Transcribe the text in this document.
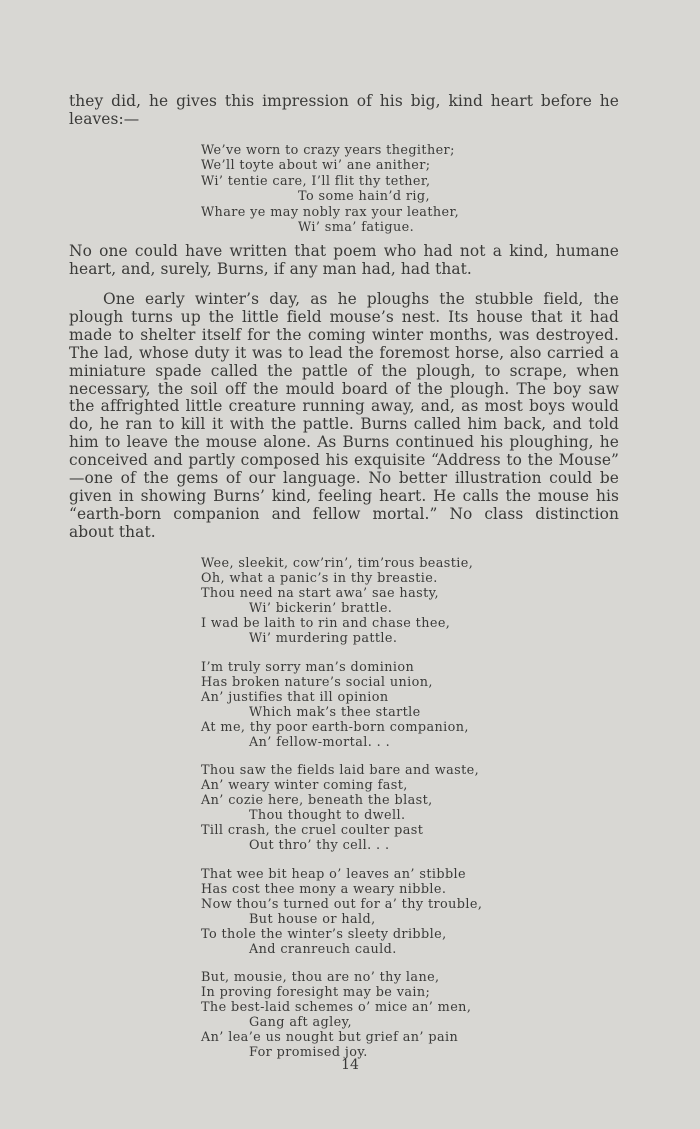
they did, he gives this impression of his big, kind heart before he leaves:—

We’ve worn to crazy years thegither;
We’ll toyte about wi’ ane anither;
Wi’ tentie care, I’ll flit thy tether,
To some hain’d rig,
Whare ye may nobly rax your leather,
Wi’ sma’ fatigue.

No one could have written that poem who had not a kind, humane heart, and, surely, Burns, if any man had, had that.

One early winter’s day, as he ploughs the stubble field, the plough turns up the little field mouse’s nest. Its house that it had made to shelter itself for the coming winter months, was destroyed. The lad, whose duty it was to lead the foremost horse, also carried a miniature spade called the pattle of the plough, to scrape, when necessary, the soil off the mould board of the plough. The boy saw the affrighted little creature running away, and, as most boys would do, he ran to kill it with the pattle. Burns called him back, and told him to leave the mouse alone. As Burns continued his ploughing, he conceived and partly composed his exquisite “Address to the Mouse” —one of the gems of our language. No better illustration could be given in showing Burns’ kind, feeling heart. He calls the mouse his “earth-born companion and fellow mortal.” No class distinction about that.

Wee, sleekit, cow’rin’, tim’rous beastie,
Oh, what a panic’s in thy breastie.
Thou need na start awa’ sae hasty,
Wi’ bickerin’ brattle.
I wad be laith to rin and chase thee,
Wi’ murdering pattle.
I’m truly sorry man’s dominion
Has broken nature’s social union,
An’ justifies that ill opinion
Which mak’s thee startle
At me, thy poor earth-born companion,
An’ fellow-mortal. . .
Thou saw the fields laid bare and waste,
An’ weary winter coming fast,
An’ cozie here, beneath the blast,
Thou thought to dwell.
Till crash, the cruel coulter past
Out thro’ thy cell. . .
That wee bit heap o’ leaves an’ stibble
Has cost thee mony a weary nibble.
Now thou’s turned out for a’ thy trouble,
But house or hald,
To thole the winter’s sleety dribble,
And cranreuch cauld.
But, mousie, thou are no’ thy lane,
In proving foresight may be vain;
The best-laid schemes o’ mice an’ men,
Gang aft agley,
An’ lea’e us nought but grief an’ pain
For promised joy.

14
